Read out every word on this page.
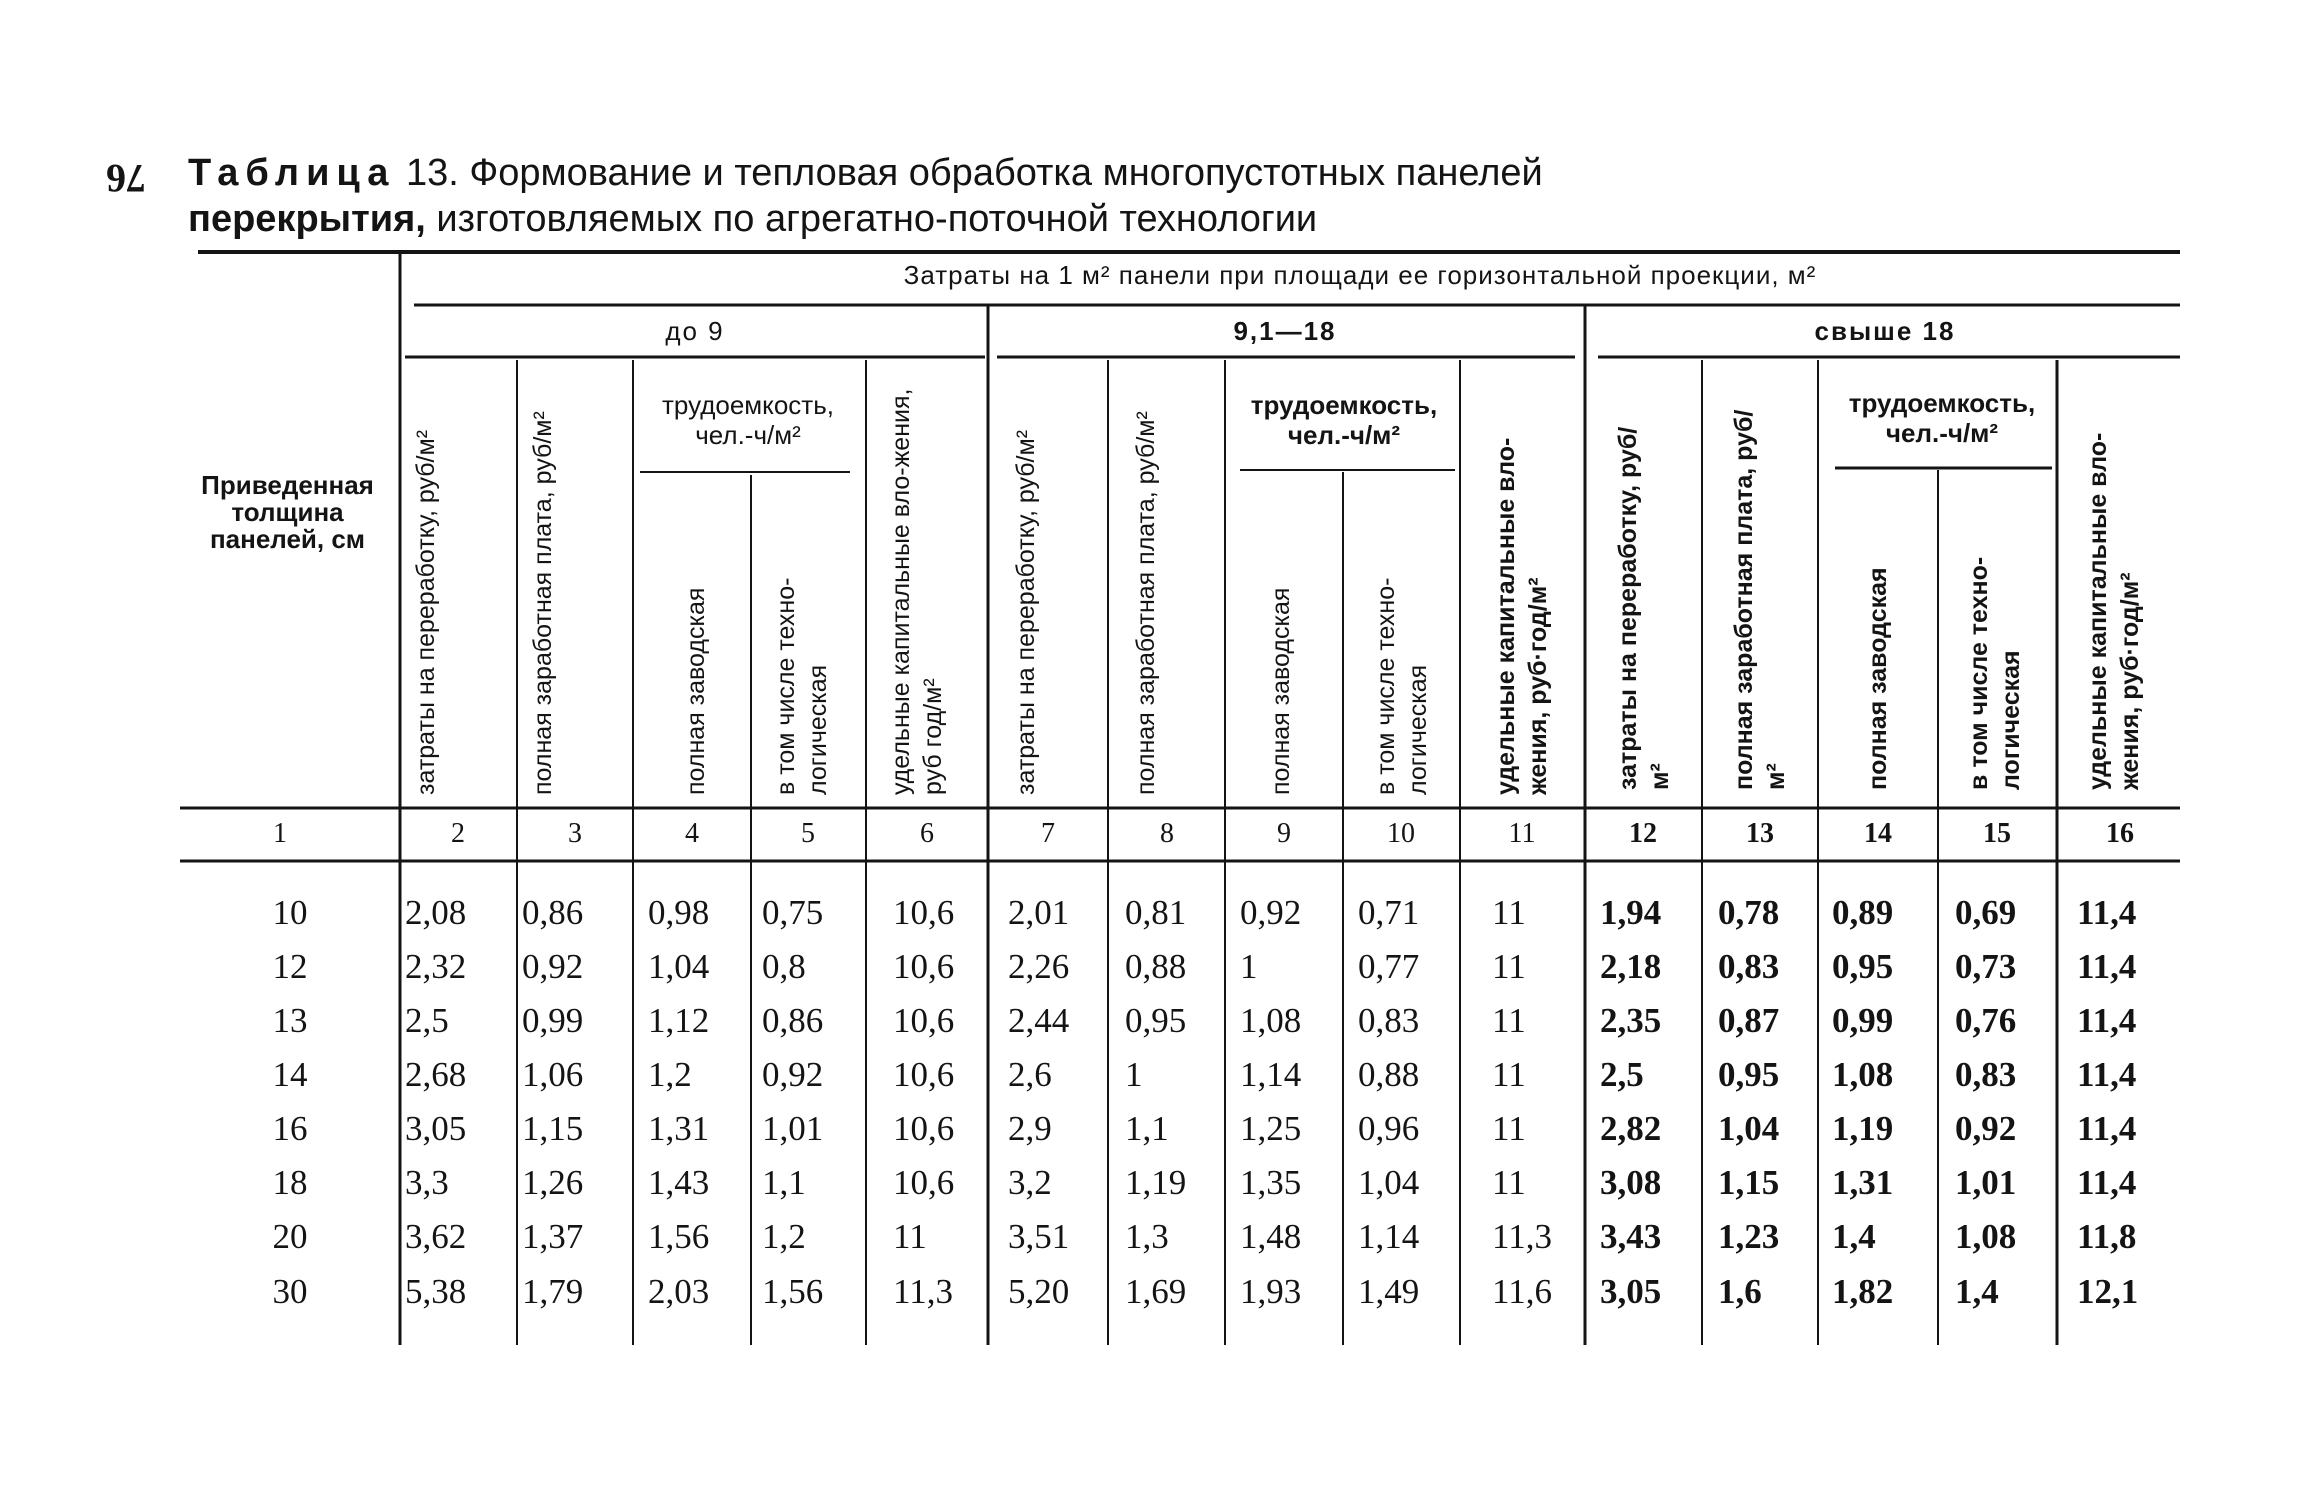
76 Таблица 13. Формование и тепловая обработка многопустотных панелей
перекрытия, изготовляемых по агрегатно-поточной технологии
Приведенная толщина панелей, см
Затраты на 1 м² панели при площади ее горизонтальной проекции, м²
до 9	9,1—18	свыше 18
трудоемкость, чел.-ч/м²
трудоемкость, чел.-ч/м²
трудоемкость, чел.-ч/м²
затраты на переработку, руб/м²	полная заработная плата, руб/м²	полная заводская	в том числе техно-логическая	удельные капитальные вло-жения, руб год/м²	затраты на переработку, руб/м²	полная заработная плата, руб/м²	полная заводская	в том числе техно-логическая	удельные капитальные вло-жения, руб·год/м²	затраты на переработку, руб/м²	полная заработная плата, руб/м²	полная заводская	в том числе техно-логическая	удельные капитальные вло-жения, руб·год/м²
1	2	3	4	5	6	7	8	9	10	11	12	13	14	15	16
10	2,08 0,86 0,98 0,75 10,6 2,01 0,81 0,92 0,71 11 1,94 0,78 0,89 0,69 11,4
12	2,32 0,92 1,04 0,8 10,6 2,26 0,88 1	0,77 11 2,18 0,83 0,95 0,73 11,4
13	2,5 0,99 1,12 0,86 10,6 2,44 0,95 1,08 0,83 11 2,35 0,87 0,99 0,76 11,4
14	2,68 1,06 1,2 0,92 10,6 2,6 1	1,14 0,88 11 2,5 0,95 1,08 0,83 11,4
16	3,05 1,15 1,31 1,01 10,6 2,9 1,1 1,25 0,96 11 2,82 1,04 1,19 0,92 11,4
18	3,3 1,26 1,43 1,1 10,6 3,2 1,19 1,35 1,04 11 3,08 1,15 1,31 1,01 11,4
20	3,62 1,37 1,56 1,2 11 3,51 1,3 1,48 1,14 11,3 3,43 1,23 1,4 1,08 11,8
30	5,38 1,79 2,03 1,56 11,3 5,20 1,69 1,93 1,49 11,6 3,05 1,6 1,82 1,4 12,1
